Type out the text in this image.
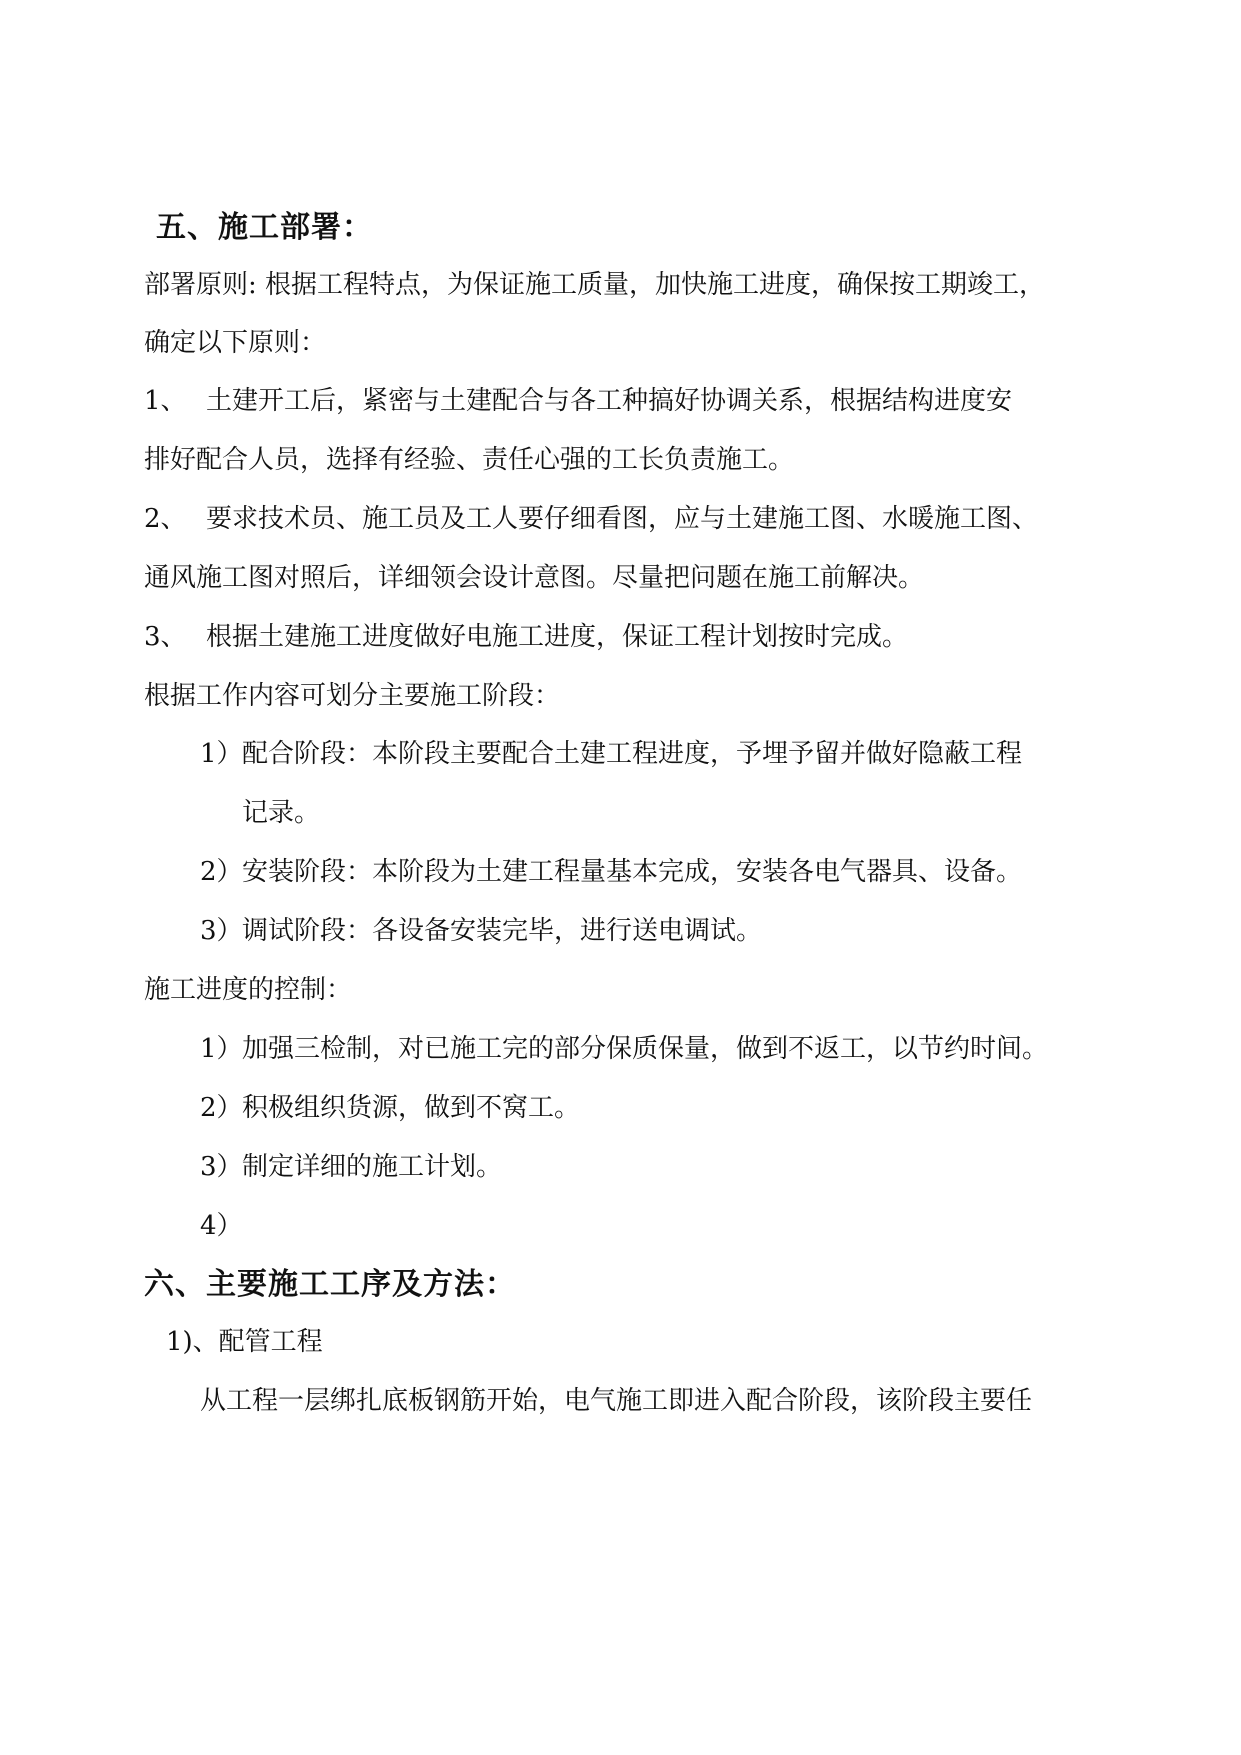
五、施工部署：
部署原则: 根据工程特点，为保证施工质量，加快施工进度，确保按工期竣工，
确定以下原则：
1、 土建开工后，紧密与土建配合与各工种搞好协调关系，根据结构进度安
排好配合人员，选择有经验、责任心强的工长负责施工。
2、 要求技术员、施工员及工人要仔细看图，应与土建施工图、水暖施工图、
通风施工图对照后，详细领会设计意图。尽量把问题在施工前解决。
3、 根据土建施工进度做好电施工进度，保证工程计划按时完成。
根据工作内容可划分主要施工阶段：
1） 配合阶段：本阶段主要配合土建工程进度，予埋予留并做好隐蔽工程
记录。
2） 安装阶段：本阶段为土建工程量基本完成，安装各电气器具、设备。
3） 调试阶段：各设备安装完毕，进行送电调试。
施工进度的控制：
1） 加强三检制，对已施工完的部分保质保量，做到不返工，以节约时间。
2） 积极组织货源，做到不窝工。
3） 制定详细的施工计划。
4）
六、主要施工工序及方法：
1)、配管工程
从工程一层绑扎底板钢筋开始，电气施工即进入配合阶段，该阶段主要任
